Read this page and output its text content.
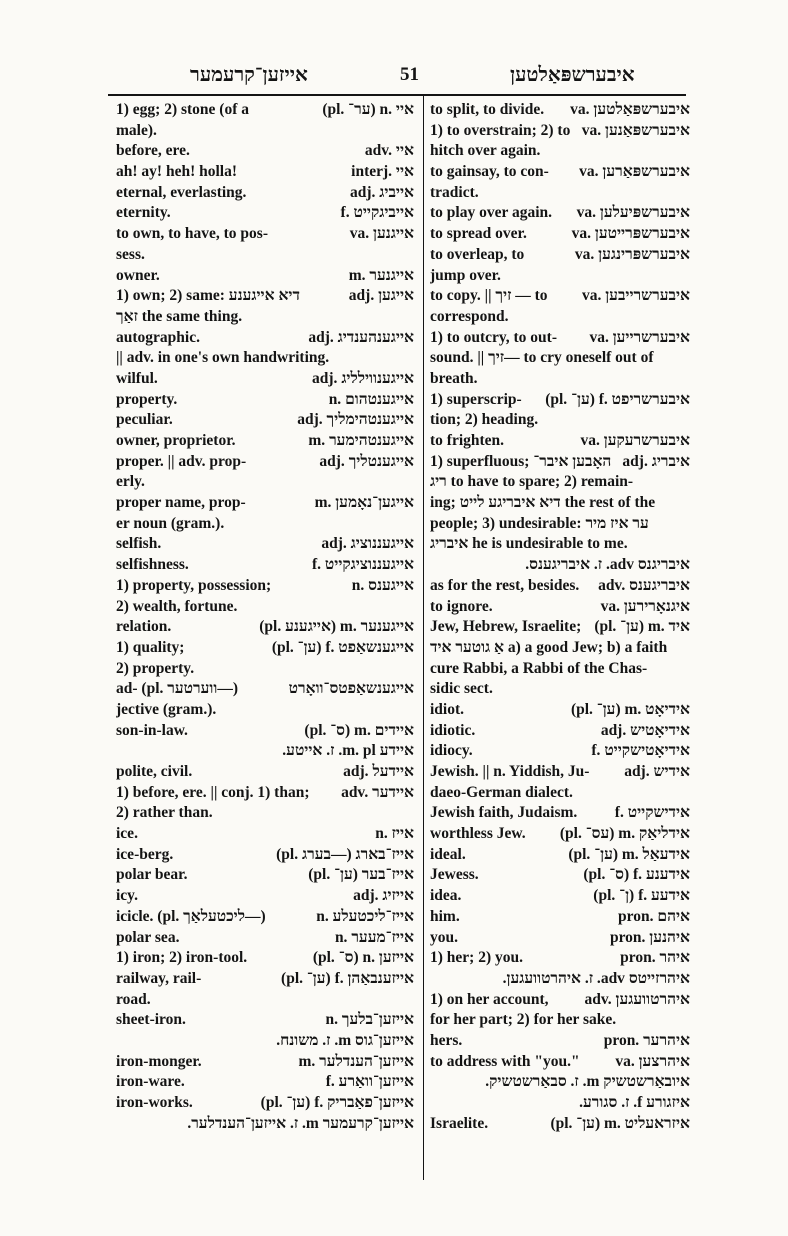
אייזען־קרעמער	51	איבערשפּאַלטען
1) egg; 2) stone (of a	(pl. ער־) n. איי
male).
before, ere.	adv. איי
ah! ay! heh! holla!	interj. איי
eternal, everlasting.	adj. אייביג
eternity.	f. אייביגקייט
to own, to have, to pos-	va. אייגנען
sess.
owner.	m. אייגנער
1) own; 2) same: דיא אייגענע	adj. אייגען
זאַך the same thing.
autographic.	adj. אייגענהענדיג
|| adv. in one's own handwriting.
wilful.	adj. אייגענווילליג
property.	n. אייגענטהום
peculiar.	adj. אייגענטהימליך
owner, proprietor.	m. אייגענטהימער
proper. || adv. prop-	adj. אייגענטליך
erly.
proper name, prop-	m. אייגען־נאָמען
er noun (gram.).
selfish.	adj. אייגעננוציג
selfishness.	f. אייגעננוציגקייט
1) property, possession;	n. אייגענס
2) wealth, fortune.
relation.	(pl. אייגענע) m. אייגענער
1) quality;	(pl. ען־) f. אייגענשאַפט
2) property.
ad- (pl. ווערטער—)	אייגענשאַפטס־וואָרט
jective (gram.).
son-in-law.	(pl. ס־) m. איידים
איידע m. pl. ז. אייטע.
polite, civil.	adj. איידעל
1) before, ere. || conj. 1) than; adv. איידער
2) rather than.
ice.	n. אייז
ice-berg.	(pl. בערג—) אייז־בארג
polar bear.	(pl. ען־) אייז־בער
icy.	adj. אייזיג
icicle. (pl. ליכטעלאַך—)	n. אייז־ליכטעלע
polar sea.	n. אייז־מעער
1) iron; 2) iron-tool.	(pl. ס־) n. אייזען
railway, rail-	(pl. ען־) f. אייזענבאַהן
road.
sheet-iron.	n. אייזען־בלעך
אייזען־גוס m. ז. משונח.
iron-monger.	m. אייזען־הענדלער
iron-ware.	f. אייזען־וואַרע
iron-works.	(pl. ען־) f. אייזען־פאַבריק
אייזען־קרעמער m. ז. אייזען־הענדלער.
to split, to divide. va. איבערשפּאַלטען
1) to overstrain; 2) to va. איבערשפּאַנען
hitch over again.
to gainsay, to con- va. איבערשפּאַרען
tradict.
to play over again. va. איבערשפּיעלען
to spread over.	va. איבערשפּרייטען
to overleap, to	va. איבערשפּרינגען
jump over.
to copy. || זיך — to va. איבערשרייבען
correspond.
1) to outcry, to out- va. איבערשרייען
sound. || זיך— to cry oneself out of
breath.
1) superscrip- (pl. ען־) f. איבערשריפט
tion; 2) heading.
to frighten.	va. איבערשרעקען
1) superfluous; האָבען איבר־ adj. איבריג
ריג to have to spare; 2) remain-
ing; דיא איבריגע לייט the rest of the
people; 3) undesirable: ער איז מיר
איבריג he is undesirable to me.
איבריגנס adv. ז. איבריגענס.
as for the rest, besides. adv. איבריגענס
to ignore.	va. איגנאָרירען
Jew, Hebrew, Israelite; (pl. ען־) m. איד
אַ גוטער איד a) a good Jew; b) a faith
cure Rabbi, a Rabbi of the Chas-
sidic sect.
idiot.	(pl. ען־) m. אידיאָט
idiotic.	adj. אידיאָטיש
idiocy.	f. אידיאָטישקייט
Jewish. || n. Yiddish, Ju- adj. אידיש
daeo-German dialect.
Jewish faith, Judaism. f. אידישקייט
worthless Jew. (pl. עס־) m. אידליאַק
ideal.	(pl. ען־) m. אידעאַל
Jewess.	(pl. ס־) f. אידענע
idea.	(pl. ן־) f. אידעע
him.	pron. איהם
you.	pron. איהנען
1) her; 2) you.	pron. איהר
איהרזייטס adv. ז. איהרטוועגען.
1) on her account, adv. איהרטוועגען
for her part; 2) for her sake.
hers.	pron. איהרער
to address with "you." va. איהרצען
איובאַרשטשיק m. ז. סבאַרשטשיק.
איזגורע f. ז. סגורע.
Israelite.	(pl. ען־) m. איזראעליט
